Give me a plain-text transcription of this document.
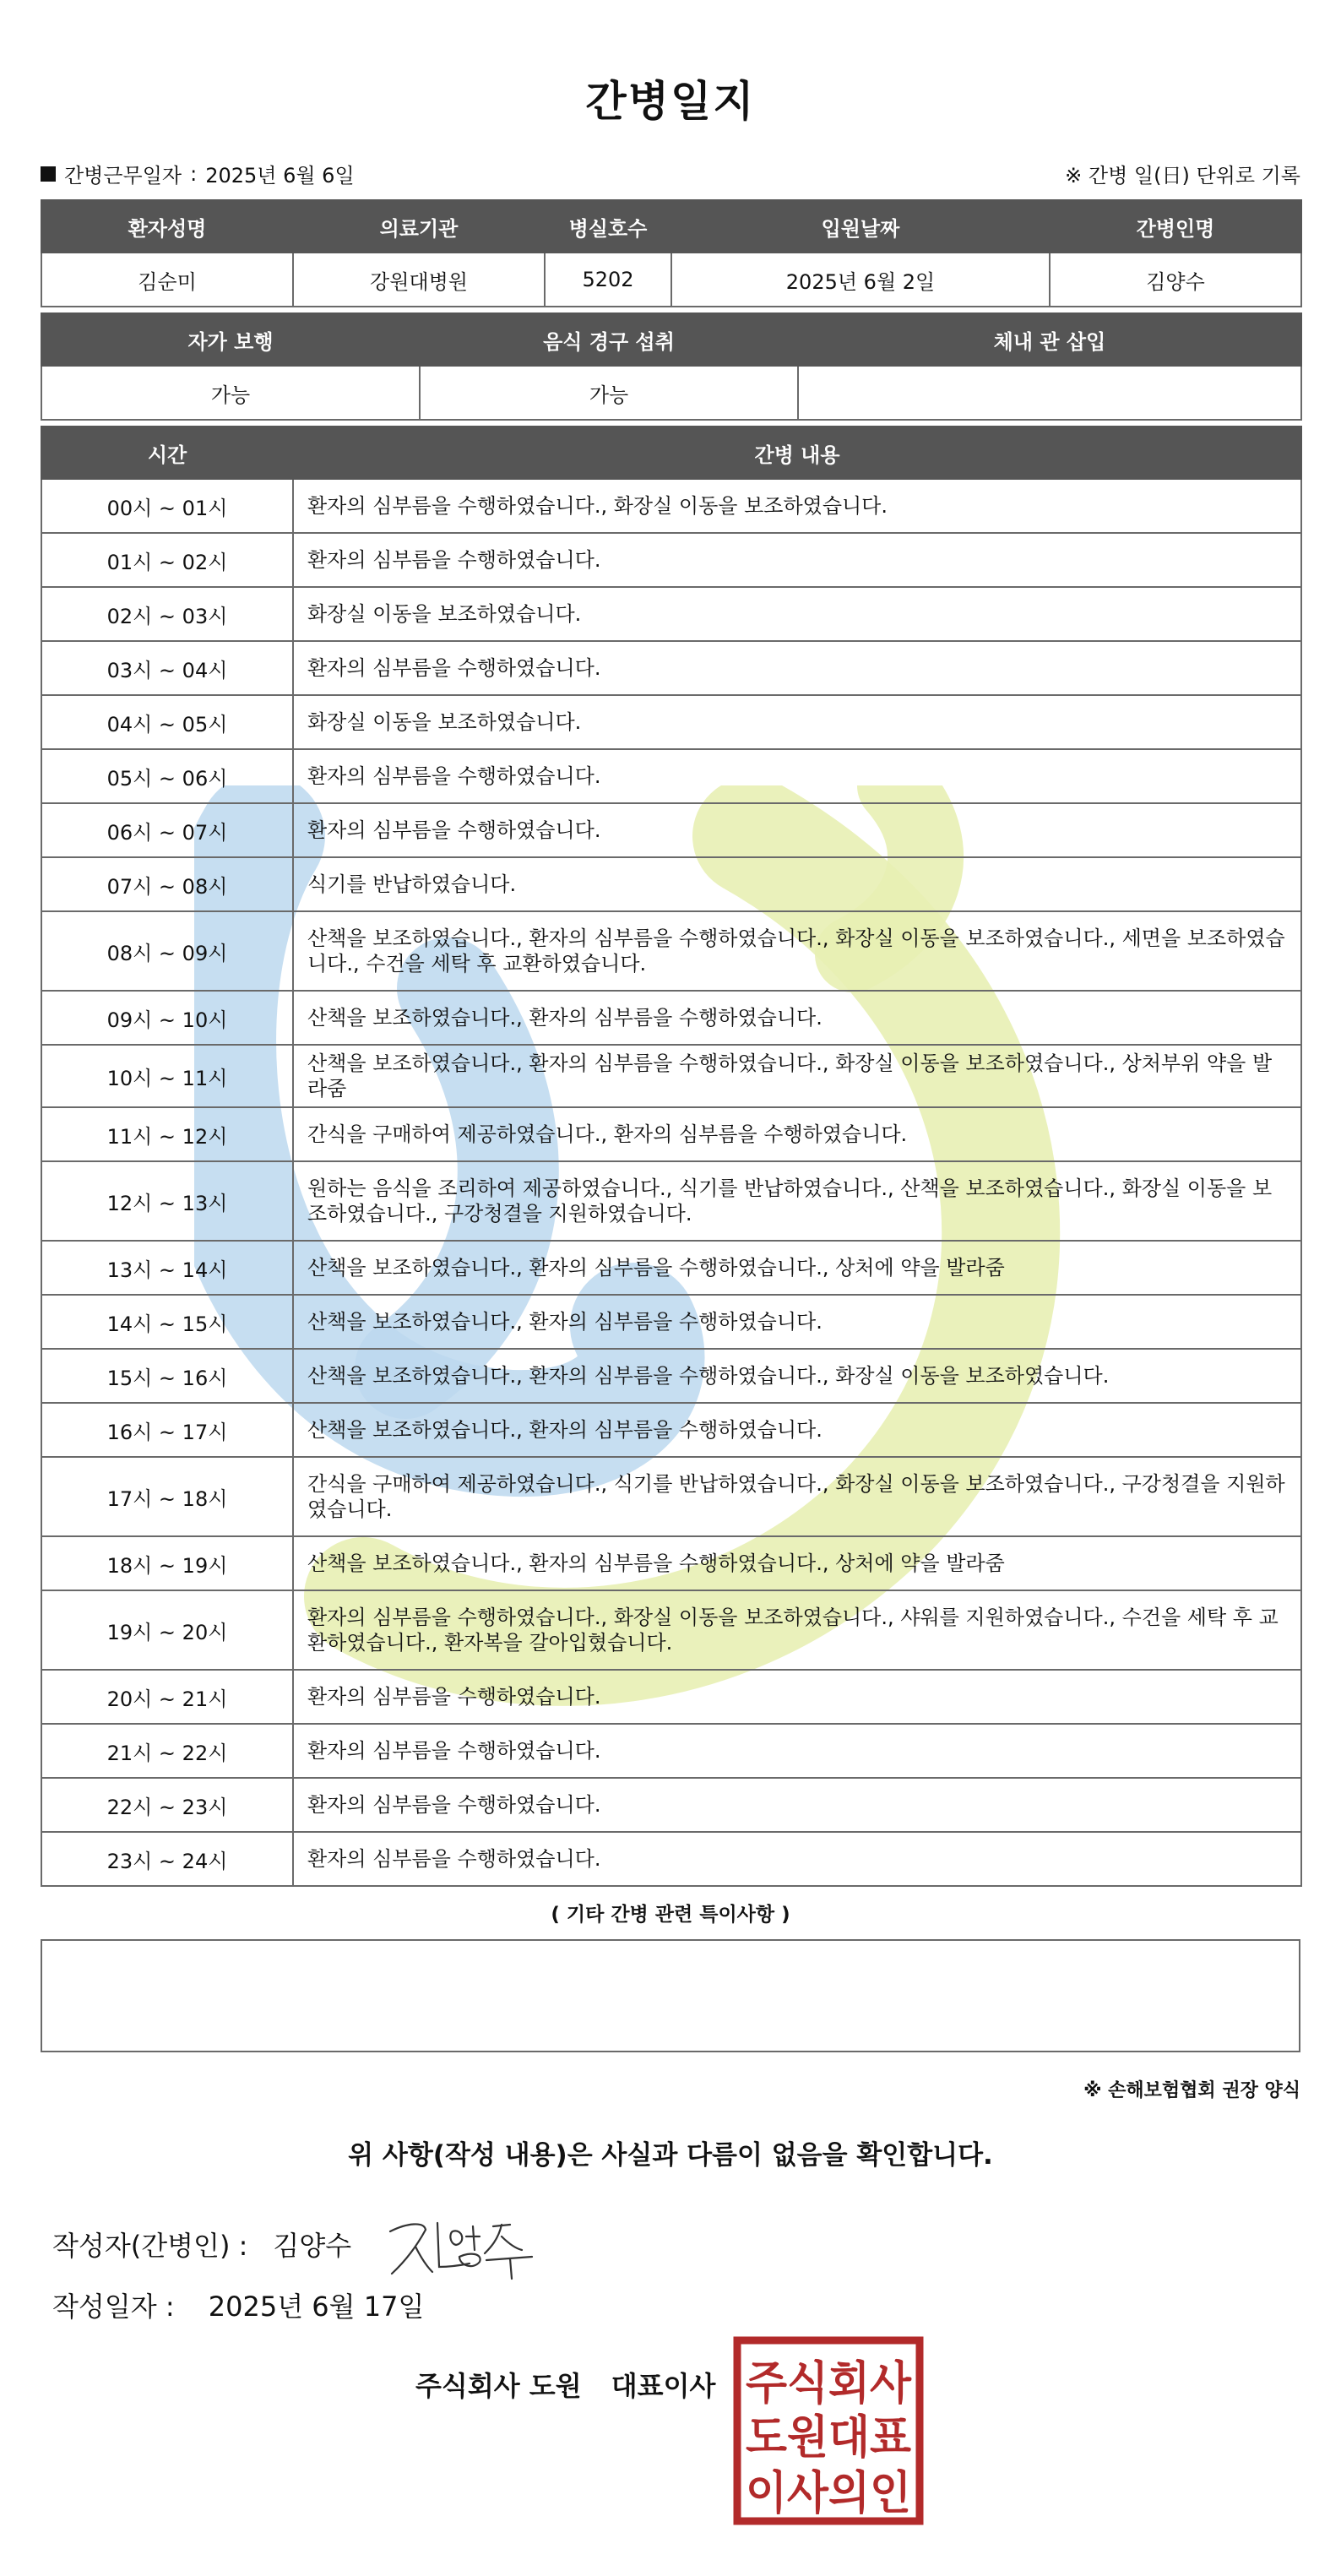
간병일지
간병근무일자 : 2025년 6월 6일	※ 간병 일(日) 단위로 기록
환자성명	의료기관	병실호수	입원날짜	간병인명
김순미	강원대병원	5202	2025년 6월 2일	김양수
자가 보행	음식 경구 섭취	체내 관 삽입
가능	가능	
시간	간병 내용
00시 ~ 01시	환자의 심부름을 수행하였습니다., 화장실 이동을 보조하였습니다.
01시 ~ 02시	환자의 심부름을 수행하였습니다.
02시 ~ 03시	화장실 이동을 보조하였습니다.
03시 ~ 04시	환자의 심부름을 수행하였습니다.
04시 ~ 05시	화장실 이동을 보조하였습니다.
05시 ~ 06시	환자의 심부름을 수행하였습니다.
06시 ~ 07시	환자의 심부름을 수행하였습니다.
07시 ~ 08시	식기를 반납하였습니다.
08시 ~ 09시	산책을 보조하였습니다., 환자의 심부름을 수행하였습니다., 화장실 이동을 보조하였습니다., 세면을 보조하였습니다., 수건을 세탁 후 교환하였습니다.
09시 ~ 10시	산책을 보조하였습니다., 환자의 심부름을 수행하였습니다.
10시 ~ 11시	산책을 보조하였습니다., 환자의 심부름을 수행하였습니다., 화장실 이동을 보조하였습니다., 상처부위 약을 발라줌
11시 ~ 12시	간식을 구매하여 제공하였습니다., 환자의 심부름을 수행하였습니다.
12시 ~ 13시	원하는 음식을 조리하여 제공하였습니다., 식기를 반납하였습니다., 산책을 보조하였습니다., 화장실 이동을 보조하였습니다., 구강청결을 지원하였습니다.
13시 ~ 14시	산책을 보조하였습니다., 환자의 심부름을 수행하였습니다., 상처에 약을 발라줌
14시 ~ 15시	산책을 보조하였습니다., 환자의 심부름을 수행하였습니다.
15시 ~ 16시	산책을 보조하였습니다., 환자의 심부름을 수행하였습니다., 화장실 이동을 보조하였습니다.
16시 ~ 17시	산책을 보조하였습니다., 환자의 심부름을 수행하였습니다.
17시 ~ 18시	간식을 구매하여 제공하였습니다., 식기를 반납하였습니다., 화장실 이동을 보조하였습니다., 구강청결을 지원하였습니다.
18시 ~ 19시	산책을 보조하였습니다., 환자의 심부름을 수행하였습니다., 상처에 약을 발라줌
19시 ~ 20시	환자의 심부름을 수행하였습니다., 화장실 이동을 보조하였습니다., 샤워를 지원하였습니다., 수건을 세탁 후 교환하였습니다., 환자복을 갈아입혔습니다.
20시 ~ 21시	환자의 심부름을 수행하였습니다.
21시 ~ 22시	환자의 심부름을 수행하였습니다.
22시 ~ 23시	환자의 심부름을 수행하였습니다.
23시 ~ 24시	환자의 심부름을 수행하였습니다.
( 기타 간병 관련 특이사항 )
※ 손해보험협회 권장 양식
위 사항(작성 내용)은 사실과 다름이 없음을 확인합니다.
작성자(간병인) : 김양수
작성일자 : 2025년 6월 17일
주식회사 도원 대표이사 주식회사
도원대표
이사의인
